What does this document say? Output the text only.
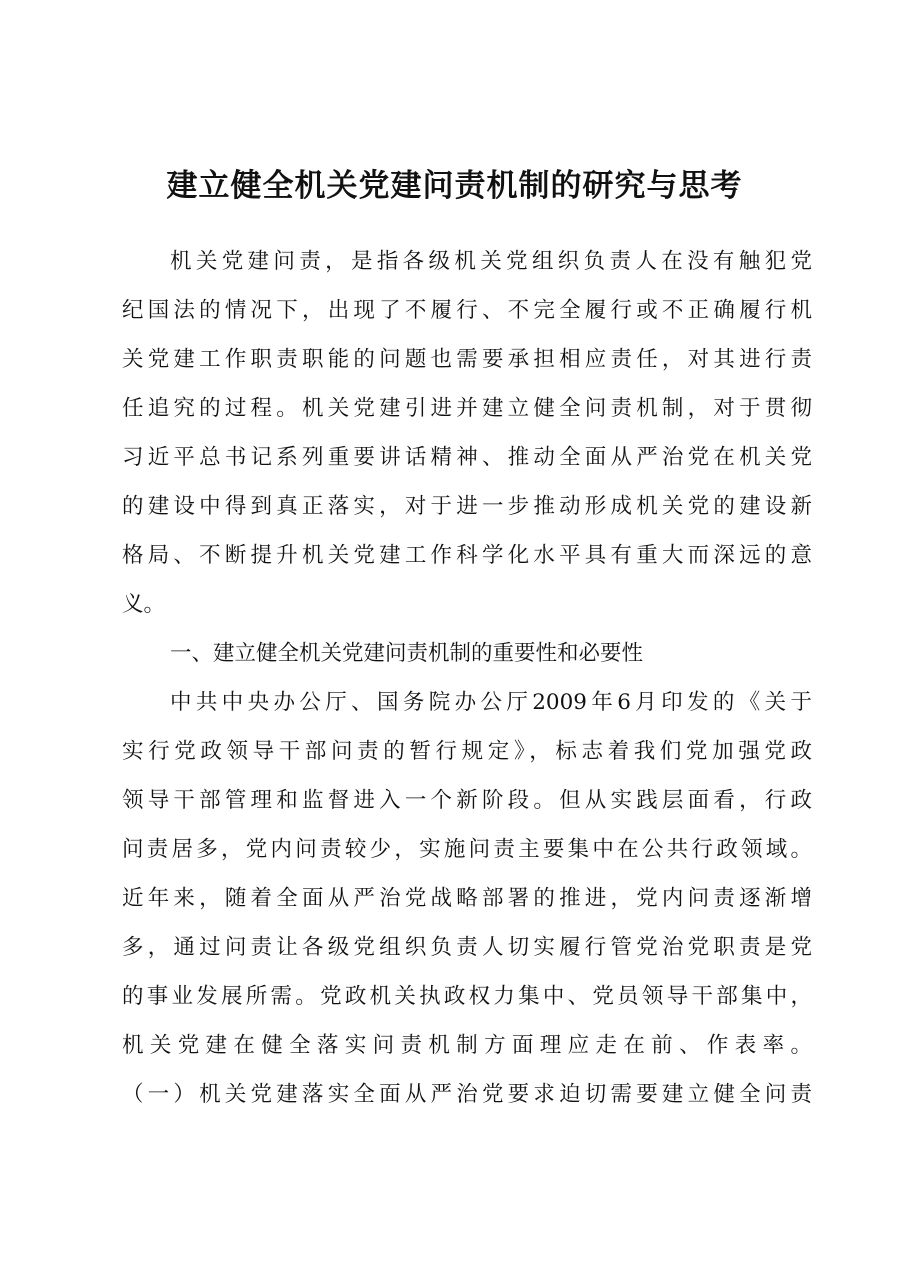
建立健全机关党建问责机制的研究与思考
机关党建问责，是指各级机关党组织负责人在没有触犯党
纪国法的情况下，出现了不履行、不完全履行或不正确履行机
关党建工作职责职能的问题也需要承担相应责任，对其进行责
任追究的过程。机关党建引进并建立健全问责机制，对于贯彻
习近平总书记系列重要讲话精神、推动全面从严治党在机关党
的建设中得到真正落实，对于进一步推动形成机关党的建设新
格局、不断提升机关党建工作科学化水平具有重大而深远的意
义。
一、建立健全机关党建问责机制的重要性和必要性
中共中央办公厅、国务院办公厅2009年6月印发的《关于
实行党政领导干部问责的暂行规定》，标志着我们党加强党政
领导干部管理和监督进入一个新阶段。但从实践层面看，行政
问责居多，党内问责较少，实施问责主要集中在公共行政领域。
近年来，随着全面从严治党战略部署的推进，党内问责逐渐增
多，通过问责让各级党组织负责人切实履行管党治党职责是党
的事业发展所需。党政机关执政权力集中、党员领导干部集中，
机关党建在健全落实问责机制方面理应走在前、作表率。
（一）机关党建落实全面从严治党要求迫切需要建立健全问责
